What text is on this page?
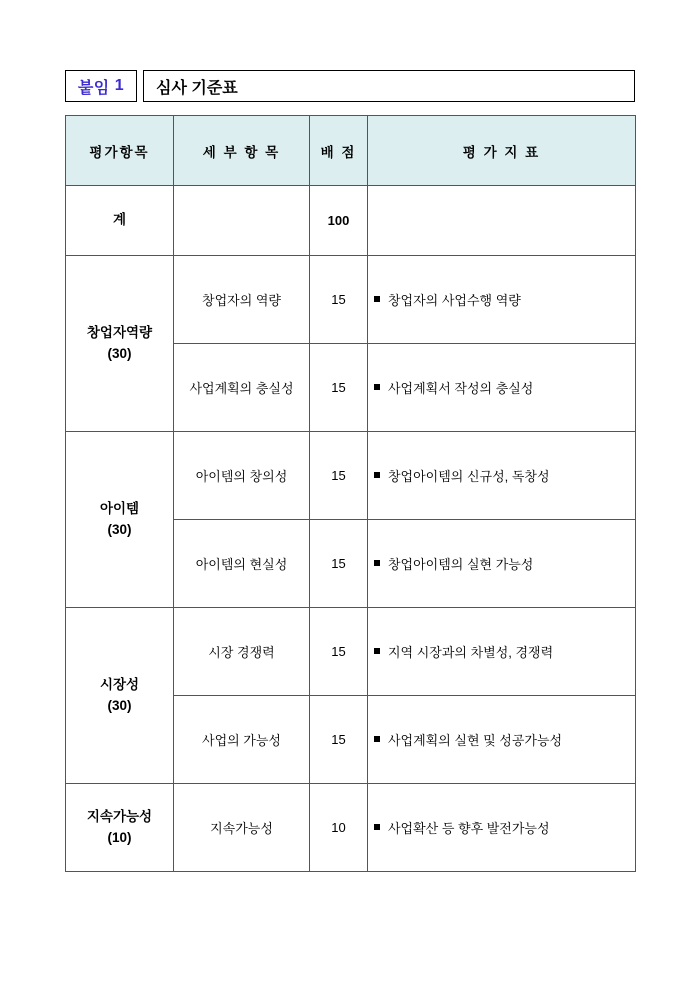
붙임 1 심사 기준표
평가항목	세 부 항 목	배 점	평 가 지 표
계		100	

창업자역량
(30)	창업자의 역량	15	창업자의 사업수행 역량
	사업계획의 충실성	15	사업계획서 작성의 충실성

아이템
(30)	아이템의 창의성	15	창업아이템의 신규성, 독창성
	아이템의 현실성	15	창업아이템의 실현 가능성

시장성
(30)	시장 경쟁력	15	지역 시장과의 차별성, 경쟁력
	사업의 가능성	15	사업계획의 실현 및 성공가능성

지속가능성
(10)	지속가능성	10	사업확산 등 향후 발전가능성
